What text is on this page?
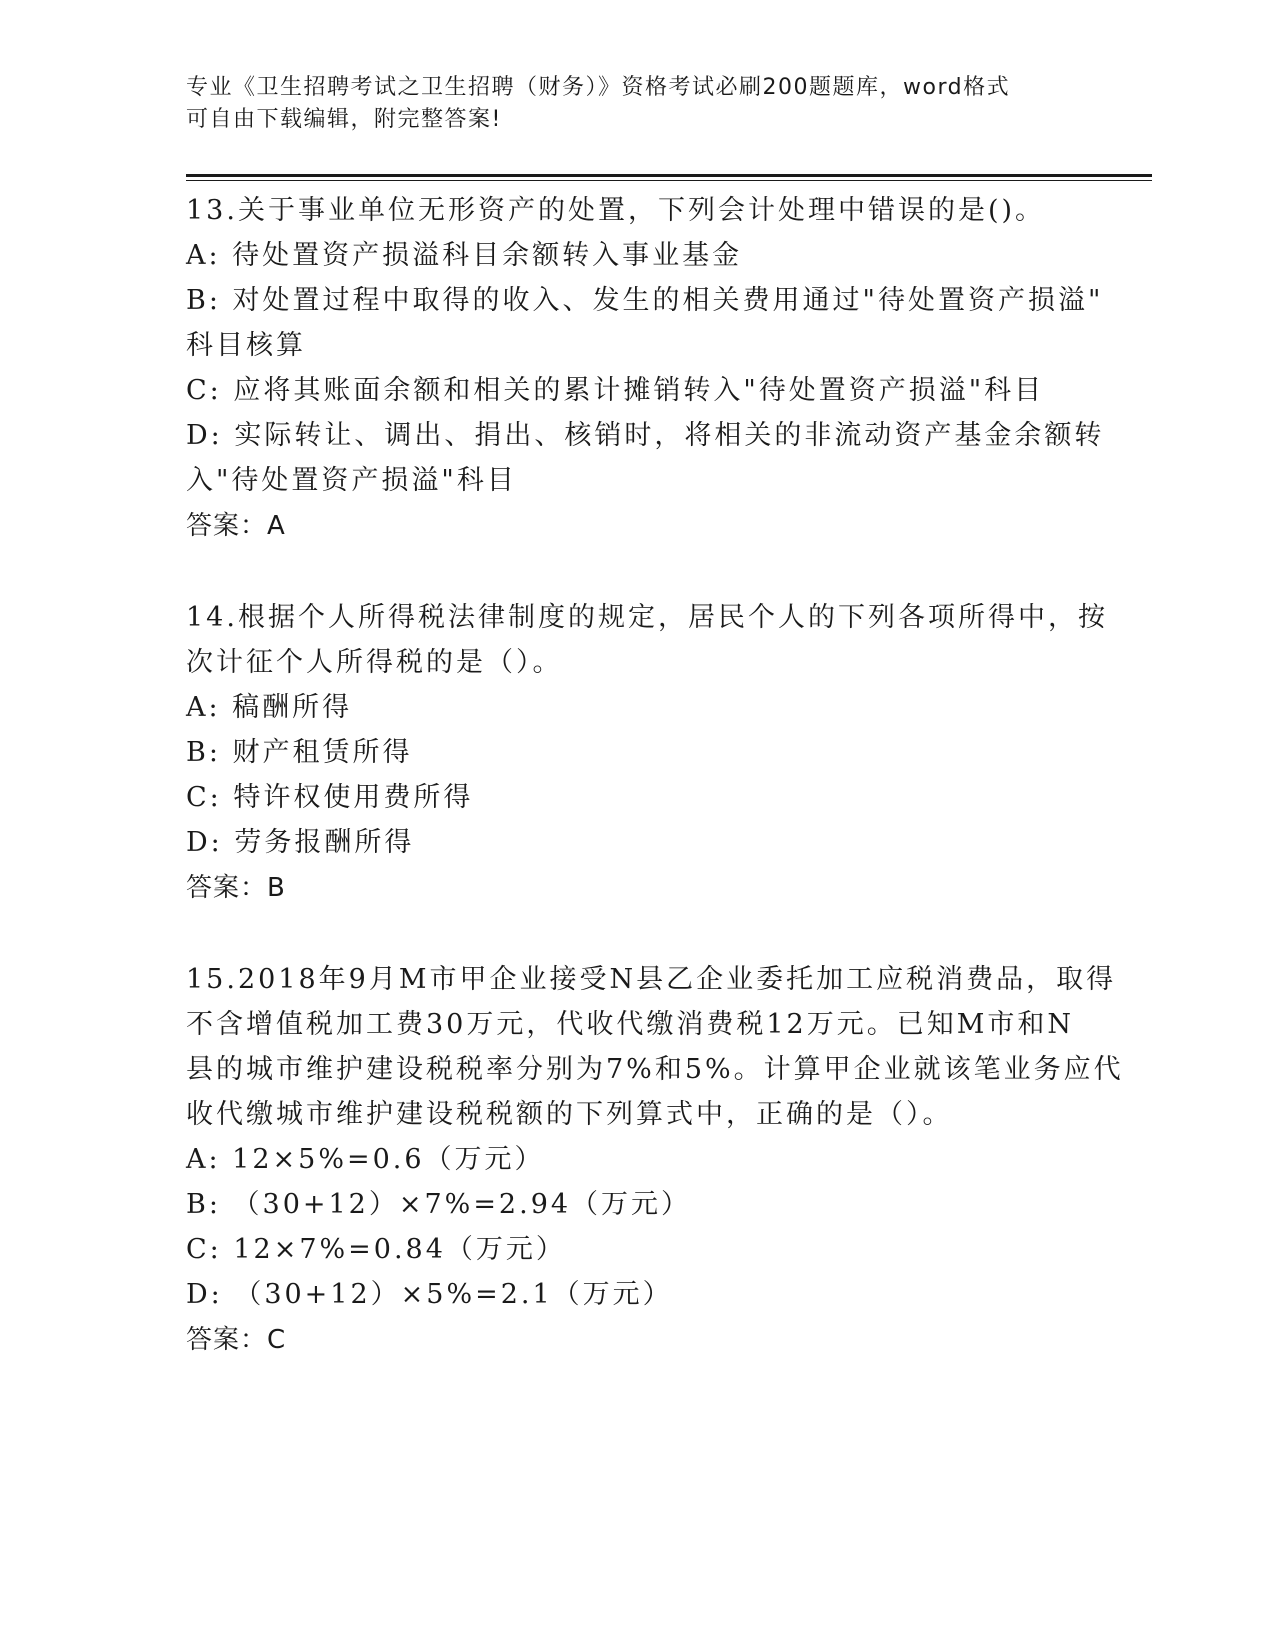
专业《卫生招聘考试之卫生招聘（财务）》资格考试必刷200题题库，word格式
可自由下载编辑，附完整答案!
13.关于事业单位无形资产的处置，下列会计处理中错误的是()。
A: 待处置资产损溢科目余额转入事业基金
B: 对处置过程中取得的收入、发生的相关费用通过"待处置资产损溢"
科目核算
C: 应将其账面余额和相关的累计摊销转入"待处置资产损溢"科目
D: 实际转让、调出、捐出、核销时，将相关的非流动资产基金余额转
入"待处置资产损溢"科目
答案：A
14.根据个人所得税法律制度的规定，居民个人的下列各项所得中，按
次计征个人所得税的是（）。
A: 稿酬所得
B: 财产租赁所得
C: 特许权使用费所得
D: 劳务报酬所得
答案：B
15.2018年9月M市甲企业接受N县乙企业委托加工应税消费品，取得
不含增值税加工费30万元，代收代缴消费税12万元。已知M市和N
县的城市维护建设税税率分别为7%和5%。计算甲企业就该笔业务应代
收代缴城市维护建设税税额的下列算式中，正确的是（）。
A: 12×5%=0.6（万元）
B: （30+12）×7%=2.94（万元）
C: 12×7%=0.84（万元）
D: （30+12）×5%=2.1（万元）
答案：C
